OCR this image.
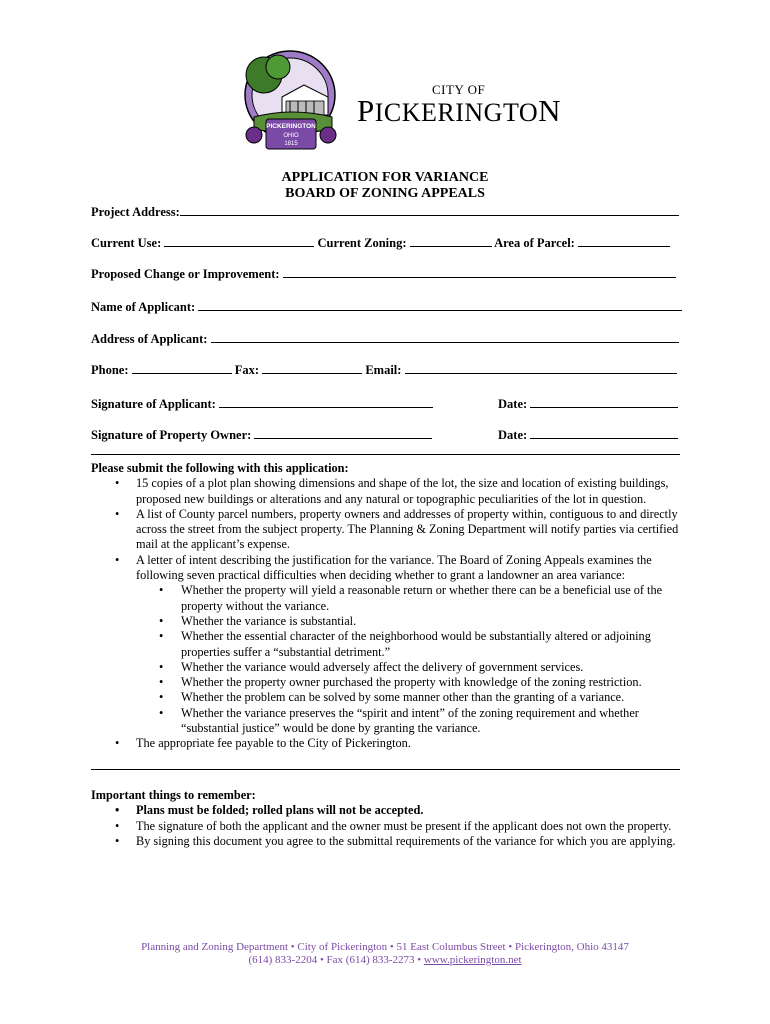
PICKERINGTON
OHIO
1815
CITY OF
PICKERINGTON
APPLICATION FOR VARIANCE
BOARD OF ZONING APPEALS
Project Address:
Current Use:	Current Zoning:	Area of Parcel:
Proposed Change or Improvement:
Name of Applicant:
Address of Applicant:
Phone:	Fax:	Email:
Signature of Applicant:	Date:
Signature of Property Owner:	Date:
Please submit the following with this application:
• 15 copies of a plot plan showing dimensions and shape of the lot, the size and location of existing buildings, proposed new buildings or alterations and any natural or topographic peculiarities of the lot in question.
• A list of County parcel numbers, property owners and addresses of property within, contiguous to and directly across the street from the subject property. The Planning & Zoning Department will notify parties via certified mail at the applicant’s expense.
• A letter of intent describing the justification for the variance. The Board of Zoning Appeals examines the following seven practical difficulties when deciding whether to grant a landowner an area variance:
• Whether the property will yield a reasonable return or whether there can be a beneficial use of the property without the variance.
• Whether the variance is substantial.
• Whether the essential character of the neighborhood would be substantially altered or adjoining properties suffer a “substantial detriment.”
• Whether the variance would adversely affect the delivery of government services.
• Whether the property owner purchased the property with knowledge of the zoning restriction.
• Whether the problem can be solved by some manner other than the granting of a variance.
• Whether the variance preserves the “spirit and intent” of the zoning requirement and whether “substantial justice” would be done by granting the variance.
• The appropriate fee payable to the City of Pickerington.
Important things to remember:
• Plans must be folded; rolled plans will not be accepted.
• The signature of both the applicant and the owner must be present if the applicant does not own the property.
• By signing this document you agree to the submittal requirements of the variance for which you are applying.
Planning and Zoning Department • City of Pickerington • 51 East Columbus Street • Pickerington, Ohio 43147
(614) 833-2204 • Fax (614) 833-2273 • www.pickerington.net
